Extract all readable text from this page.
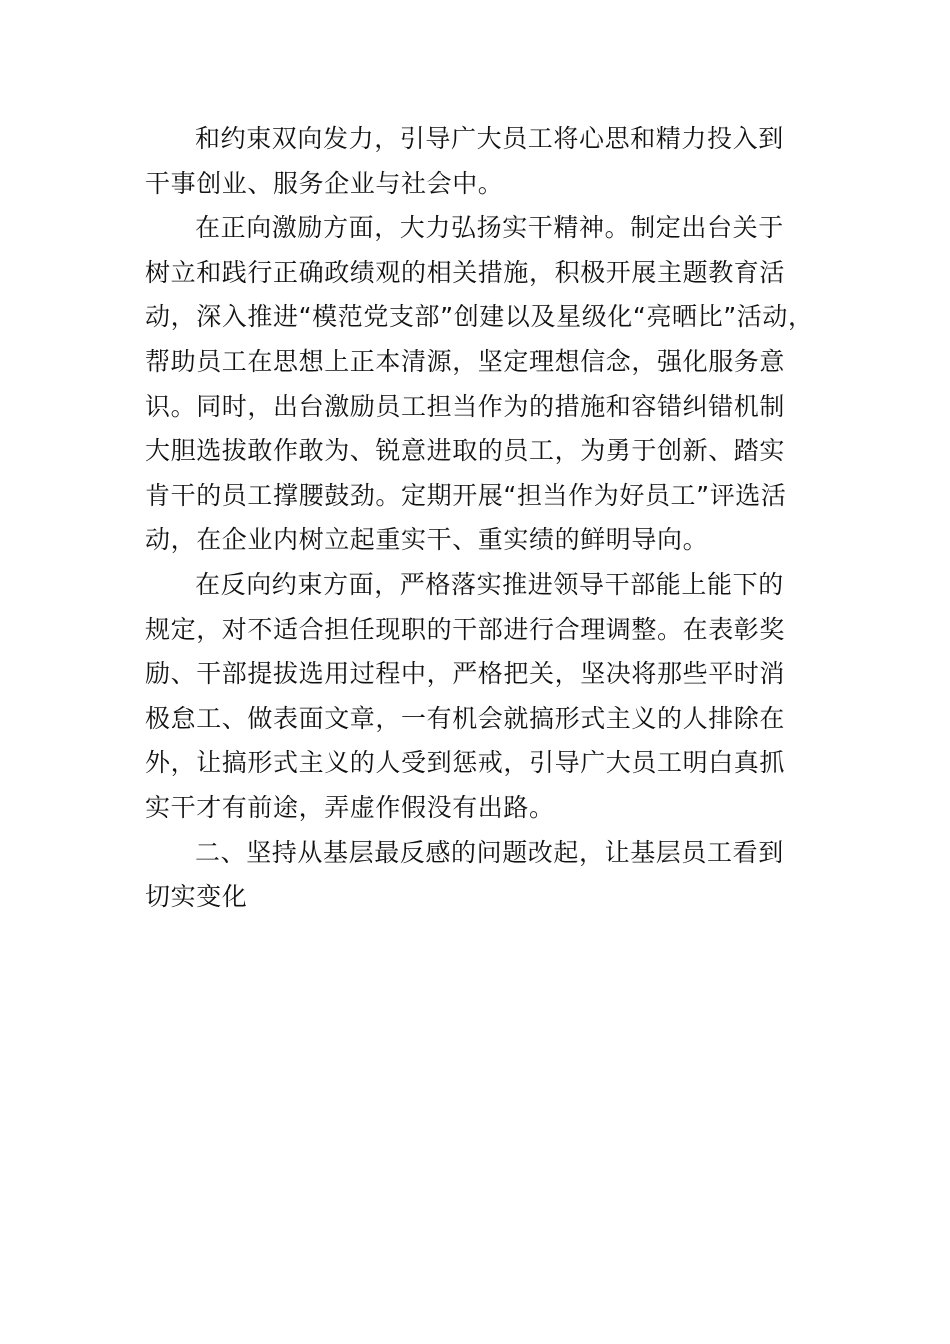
和约束双向发力，引导广大员工将心思和精力投入到
干事创业、服务企业与社会中。
在正向激励方面，大力弘扬实干精神。制定出台关于
树立和践行正确政绩观的相关措施，积极开展主题教育活
动，深入推进“模范党支部”创建以及星级化“亮晒比”活动，
帮助员工在思想上正本清源，坚定理想信念，强化服务意
识。同时，出台激励员工担当作为的措施和容错纠错机制
大胆选拔敢作敢为、锐意进取的员工，为勇于创新、踏实
肯干的员工撑腰鼓劲。定期开展“担当作为好员工”评选活
动，在企业内树立起重实干、重实绩的鲜明导向。
在反向约束方面，严格落实推进领导干部能上能下的
规定，对不适合担任现职的干部进行合理调整。在表彰奖
励、干部提拔选用过程中，严格把关，坚决将那些平时消
极怠工、做表面文章，一有机会就搞形式主义的人排除在
外，让搞形式主义的人受到惩戒，引导广大员工明白真抓
实干才有前途，弄虚作假没有出路。
二、坚持从基层最反感的问题改起，让基层员工看到
切实变化
